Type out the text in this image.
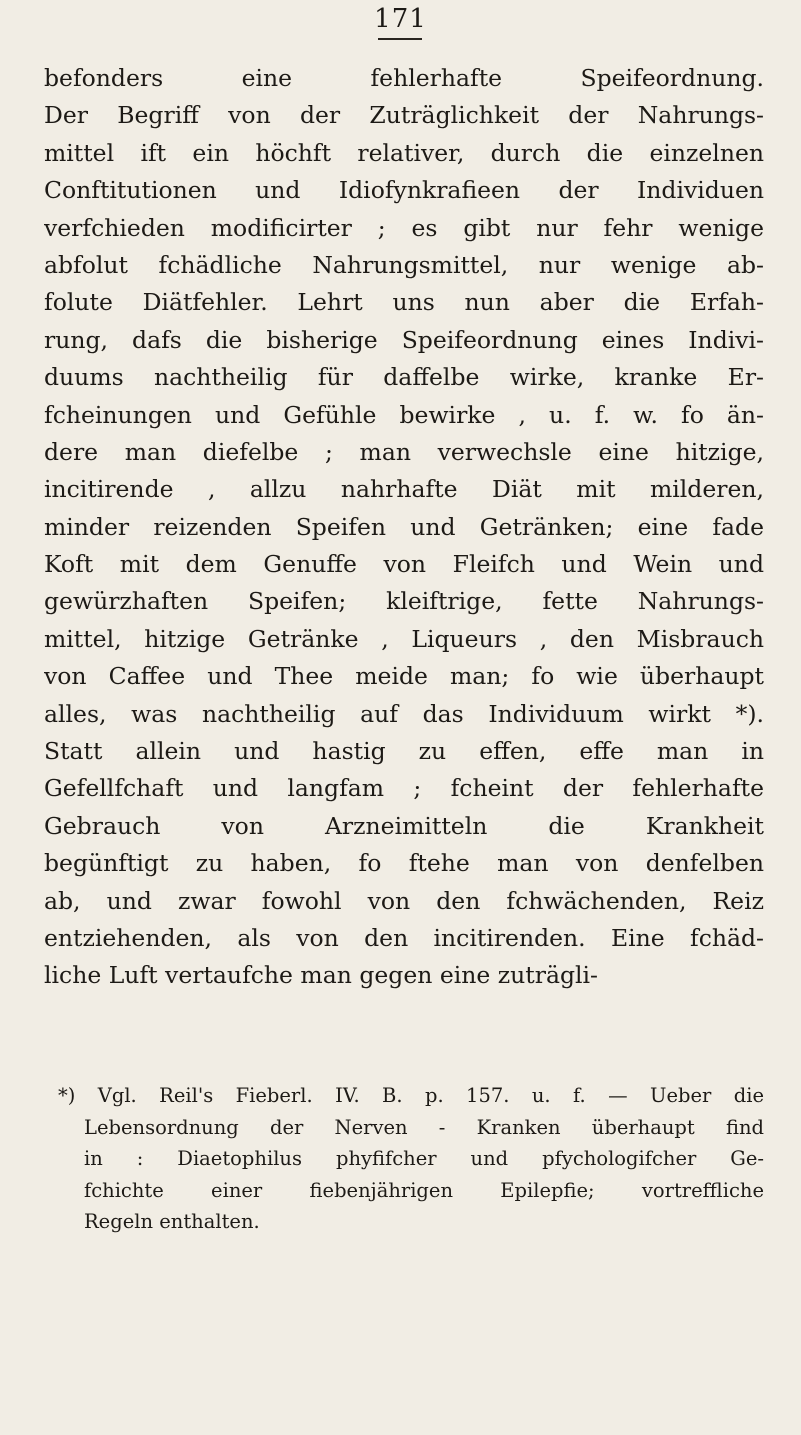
171
befonders eine fehlerhafte Speifeordnung.
Der Begriff von der Zuträglichkeit der Nahrungs-
mittel ift ein höchft relativer, durch die einzelnen
Conftitutionen und Idiofynkrafieen der Individuen
verfchieden modificirter ; es gibt nur fehr wenige
abfolut fchädliche Nahrungsmittel, nur wenige ab-
folute Diätfehler. Lehrt uns nun aber die Erfah-
rung, dafs die bisherige Speifeordnung eines Indivi-
duums nachtheilig für daffelbe wirke, kranke Er-
fcheinungen und Gefühle bewirke , u. f. w. fo än-
dere man diefelbe ; man verwechsle eine hitzige,
incitirende , allzu nahrhafte Diät mit milderen,
minder reizenden Speifen und Getränken; eine fade
Koft mit dem Genuffe von Fleifch und Wein und
gewürzhaften Speifen; kleiftrige, fette Nahrungs-
mittel, hitzige Getränke , Liqueurs , den Misbrauch
von Caffee und Thee meide man; fo wie überhaupt
alles, was nachtheilig auf das Individuum wirkt *).
Statt allein und hastig zu effen, effe man in
Gefellfchaft und langfam ; fcheint der fehlerhafte
Gebrauch von Arzneimitteln die Krankheit
begünftigt zu haben, fo ftehe man von denfelben
ab, und zwar fowohl von den fchwächenden, Reiz
entziehenden, als von den incitirenden. Eine fchäd-
liche Luft vertaufche man gegen eine zuträgli-
*) Vgl. Reil's Fieberl. IV. B. p. 157. u. f. — Ueber die
Lebensordnung der Nerven - Kranken überhaupt find
in : Diaetophilus phyfifcher und pfychologifcher Ge-
fchichte einer fiebenjährigen Epilepfie; vortreffliche
Regeln enthalten.
